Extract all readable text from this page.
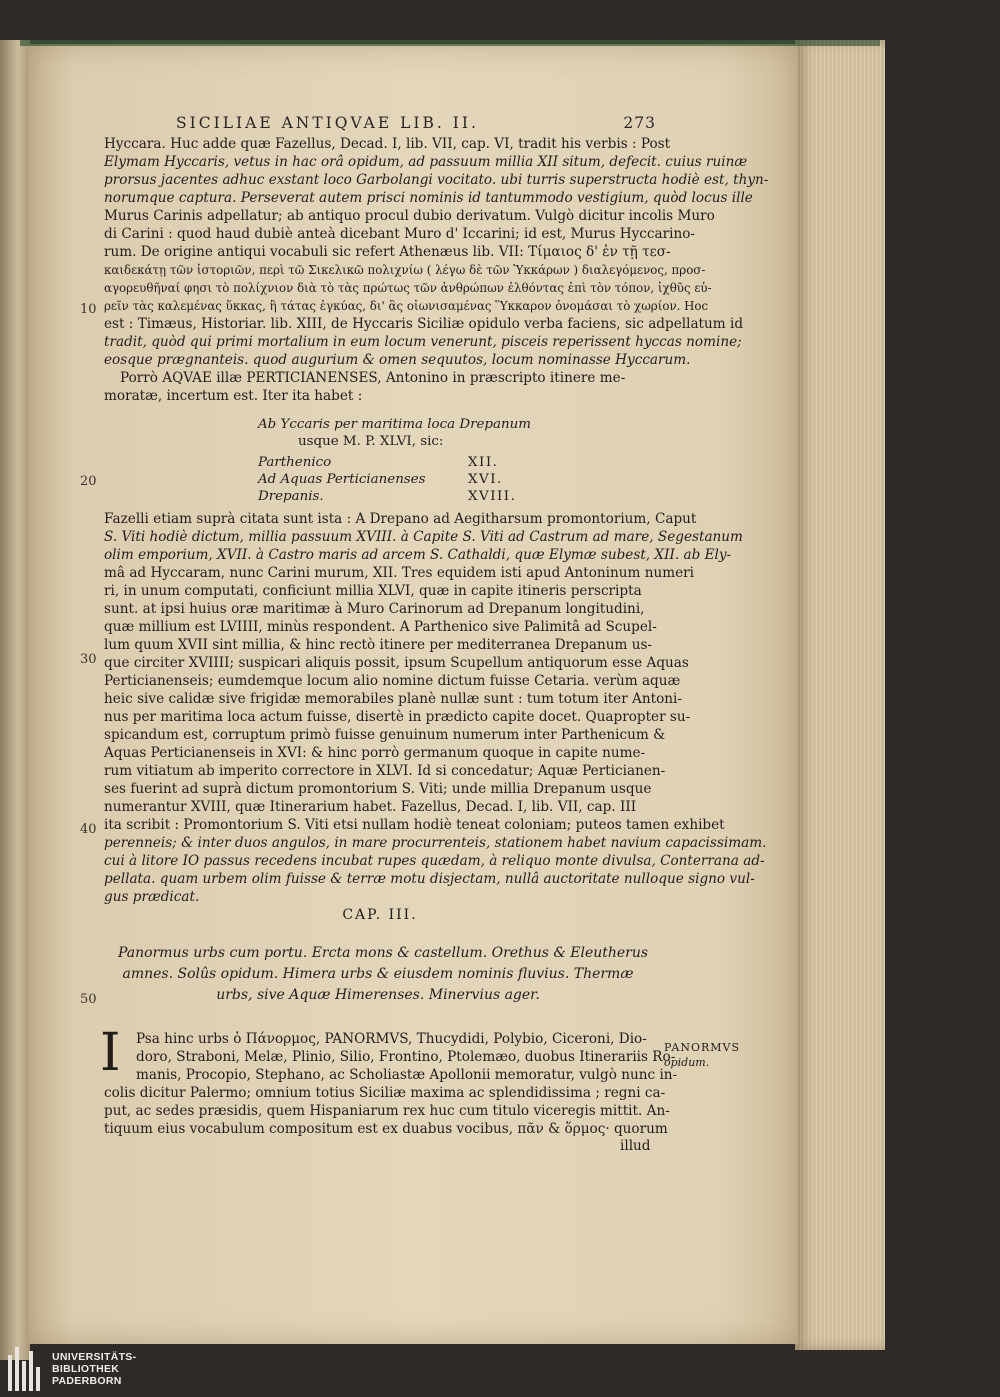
SICILIAE ANTIQVAE LIB. II.	273
10
20
30
40
50
Hyccara. Huc adde quæ Fazellus, Decad. I, lib. VII, cap. VI, tradit his verbis : Post
Elymam Hyccaris, vetus in hac orâ opidum, ad passuum millia XII situm, defecit. cuius ruinæ
prorsus jacentes adhuc exstant loco Garbolangi vocitato. ubi turris superstructa hodiè est, thyn-
norumque captura. Perseverat autem prisci nominis id tantummodo vestigium, quòd locus ille
Murus Carinis adpellatur; ab antiquo procul dubio derivatum. Vulgò dicitur incolis Muro
di Carini : quod haud dubiè anteà dicebant Muro d' Iccarini; id est, Murus Hyccarino-
rum. De origine antiqui vocabuli sic refert Athenæus lib. VII: Τίμαιος δ' ἐν τῇ τεσ-
καιδεκάτῃ τῶν ἱστοριῶν, περὶ τῶ Σικελικῶ πολιχνίω ( λέγω δὲ τῶν Ὑκκάρων ) διαλεγόμενος, προσ-
αγορευθῆναί φησι τὸ πολίχνιον διὰ τὸ τὰς πρώτως τῶν ἀνθρώπων ἐλθόντας ἐπὶ τὸν τόπον, ἰχθῦς εὑ-
ρεῖν τὰς καλεμένας ὕκκας, ἢ τάτας ἐγκύας, δι' ἃς οἰωνισαμένας Ὕκκαρον ὀνομάσαι τὸ χωρίον. Hoc
est : Timæus, Historiar. lib. XIII, de Hyccaris Siciliæ opidulo verba faciens, sic adpellatum id
tradit, quòd qui primi mortalium in eum locum venerunt, pisceis reperissent hyccas nomine;
eosque prægnanteis. quod augurium & omen sequutos, locum nominasse Hyccarum.
Porrò AQVAE illæ PERTICIANENSES, Antonino in præscripto itinere me-
moratæ, incertum est. Iter ita habet :
Ab Yccaris per maritima loca Drepanum
usque M. P. XLVI, sic:
Parthenico	XII.
Ad Aquas Perticianenses	XVI.
Drepanis.	XVIII.
Fazelli etiam suprà citata sunt ista : A Drepano ad Aegitharsum promontorium, Caput
S. Viti hodiè dictum, millia passuum XVIII. à Capite S. Viti ad Castrum ad mare, Segestanum
olim emporium, XVII. à Castro maris ad arcem S. Cathaldi, quæ Elymæ subest, XII. ab Ely-
mâ ad Hyccaram, nunc Carini murum, XII. Tres equidem isti apud Antoninum numeri
ri, in unum computati, conficiunt millia XLVI, quæ in capite itineris perscripta
sunt. at ipsi huius oræ maritimæ à Muro Carinorum ad Drepanum longitudini,
quæ millium est LVIIII, minùs respondent. A Parthenico sive Palimitâ ad Scupel-
lum quum XVII sint millia, & hinc rectò itinere per mediterranea Drepanum us-
que circiter XVIIII; suspicari aliquis possit, ipsum Scupellum antiquorum esse Aquas
Perticianenseis; eumdemque locum alio nomine dictum fuisse Cetaria. verùm aquæ
heic sive calidæ sive frigidæ memorabiles planè nullæ sunt : tum totum iter Antoni-
nus per maritima loca actum fuisse, disertè in prædicto capite docet. Quapropter su-
spicandum est, corruptum primò fuisse genuinum numerum inter Parthenicum &
Aquas Perticianenseis in XVI: & hinc porrò germanum quoque in capite nume-
rum vitiatum ab imperito correctore in XLVI. Id si concedatur; Aquæ Perticianen-
ses fuerint ad suprà dictum promontorium S. Viti; unde millia Drepanum usque
numerantur XVIII, quæ Itinerarium habet. Fazellus, Decad. I, lib. VII, cap. III
ita scribit : Promontorium S. Viti etsi nullam hodiè teneat coloniam; puteos tamen exhibet
perenneis; & inter duos angulos, in mare procurrenteis, stationem habet navium capacissimam.
cui à litore IO passus recedens incubat rupes quædam, à reliquo monte divulsa, Conterrana ad-
pellata. quam urbem olim fuisse & terræ motu disjectam, nullâ auctoritate nulloque signo vul-
gus prædicat.
CAP. III.
Panormus urbs cum portu. Ercta mons & castellum. Orethus & Eleutherus
amnes. Solûs opidum. Himera urbs & eiusdem nominis fluvius. Thermæ
urbs, sive Aquæ Himerenses. Minervius ager.
I Psa hinc urbs ὁ Πάνορμος, PANORMVS, Thucydidi, Polybio, Ciceroni, Dio-
doro, Straboni, Melæ, Plinio, Silio, Frontino, Ptolemæo, duobus Itinerariis Ro-
manis, Procopio, Stephano, ac Scholiastæ Apollonii memoratur, vulgò nunc in-
colis dicitur Palermo; omnium totius Siciliæ maxima ac splendidissima ; regni ca-
put, ac sedes præsidis, quem Hispaniarum rex huc cum titulo viceregis mittit. An-
tiquum eius vocabulum compositum est ex duabus vocibus, πᾶν & ὅρμος· quorum
illud
PANORMVS
opidum.
UNIVERSITÄTS-
BIBLIOTHEK
PADERBORN
